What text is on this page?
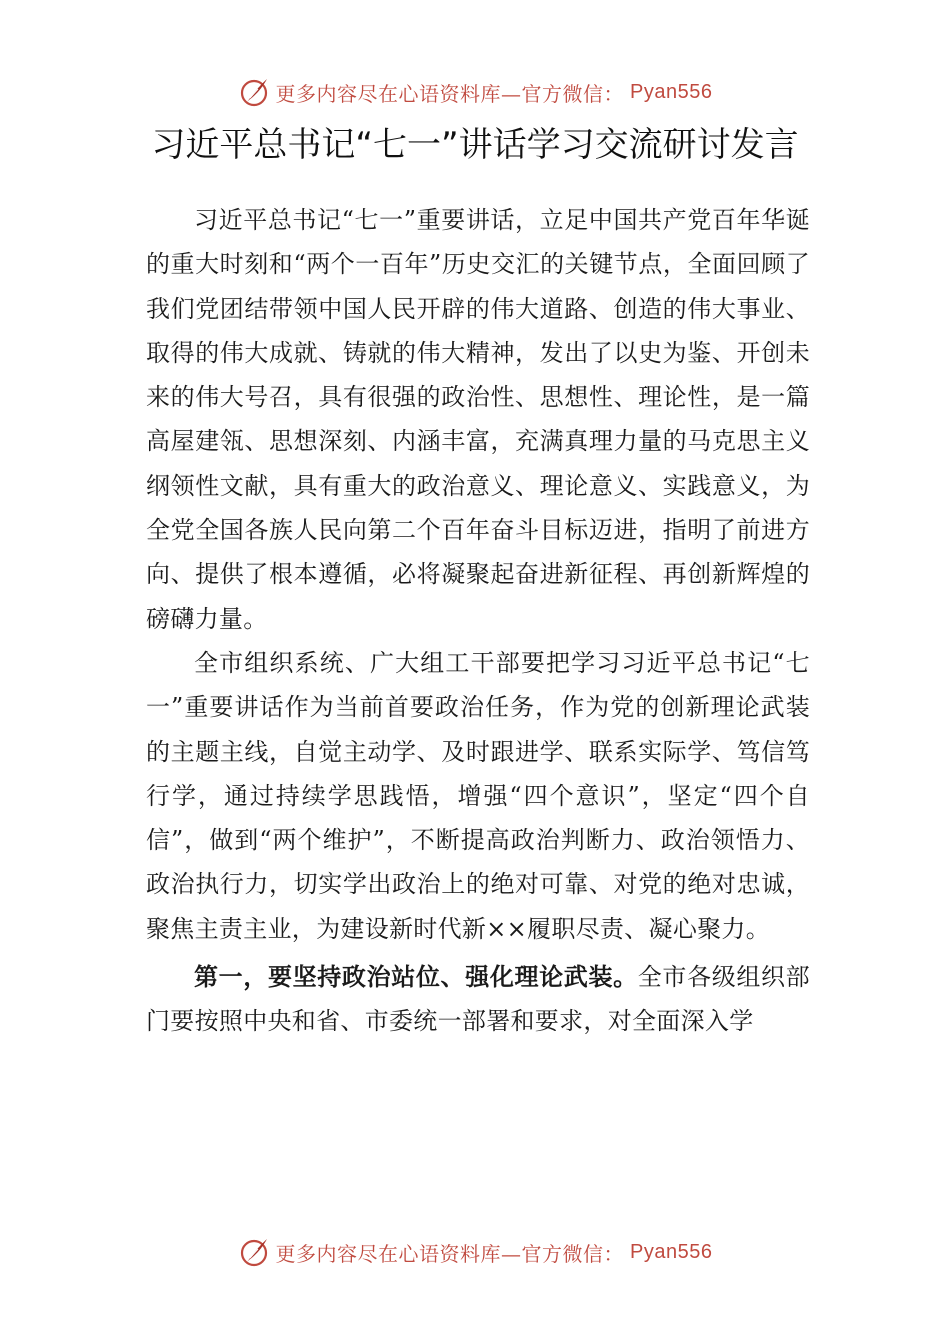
更多内容尽在心语资料库—官方微信： Pyan556
习近平总书记“七一”讲话学习交流研讨发言

习近平总书记“七一”重要讲话，立足中国共产党百年华诞的重大时刻和“两个一百年”历史交汇的关键节点，全面回顾了我们党团结带领中国人民开辟的伟大道路、创造的伟大事业、取得的伟大成就、铸就的伟大精神，发出了以史为鉴、开创未来的伟大号召，具有很强的政治性、思想性、理论性，是一篇高屋建瓴、思想深刻、内涵丰富，充满真理力量的马克思主义纲领性文献，具有重大的政治意义、理论意义、实践意义，为全党全国各族人民向第二个百年奋斗目标迈进，指明了前进方向、提供了根本遵循，必将凝聚起奋进新征程、再创新辉煌的磅礴力量。

全市组织系统、广大组工干部要把学习习近平总书记“七一”重要讲话作为当前首要政治任务，作为党的创新理论武装的主题主线，自觉主动学、及时跟进学、联系实际学、笃信笃行学，通过持续学思践悟，增强“四个意识”，坚定“四个自信”，做到“两个维护”，不断提高政治判断力、政治领悟力、政治执行力，切实学出政治上的绝对可靠、对党的绝对忠诚，聚焦主责主业，为建设新时代新××履职尽责、凝心聚力。

第一，要坚持政治站位、强化理论武装。全市各级组织部门要按照中央和省、市委统一部署和要求，对全面深入学

更多内容尽在心语资料库—官方微信： Pyan556
